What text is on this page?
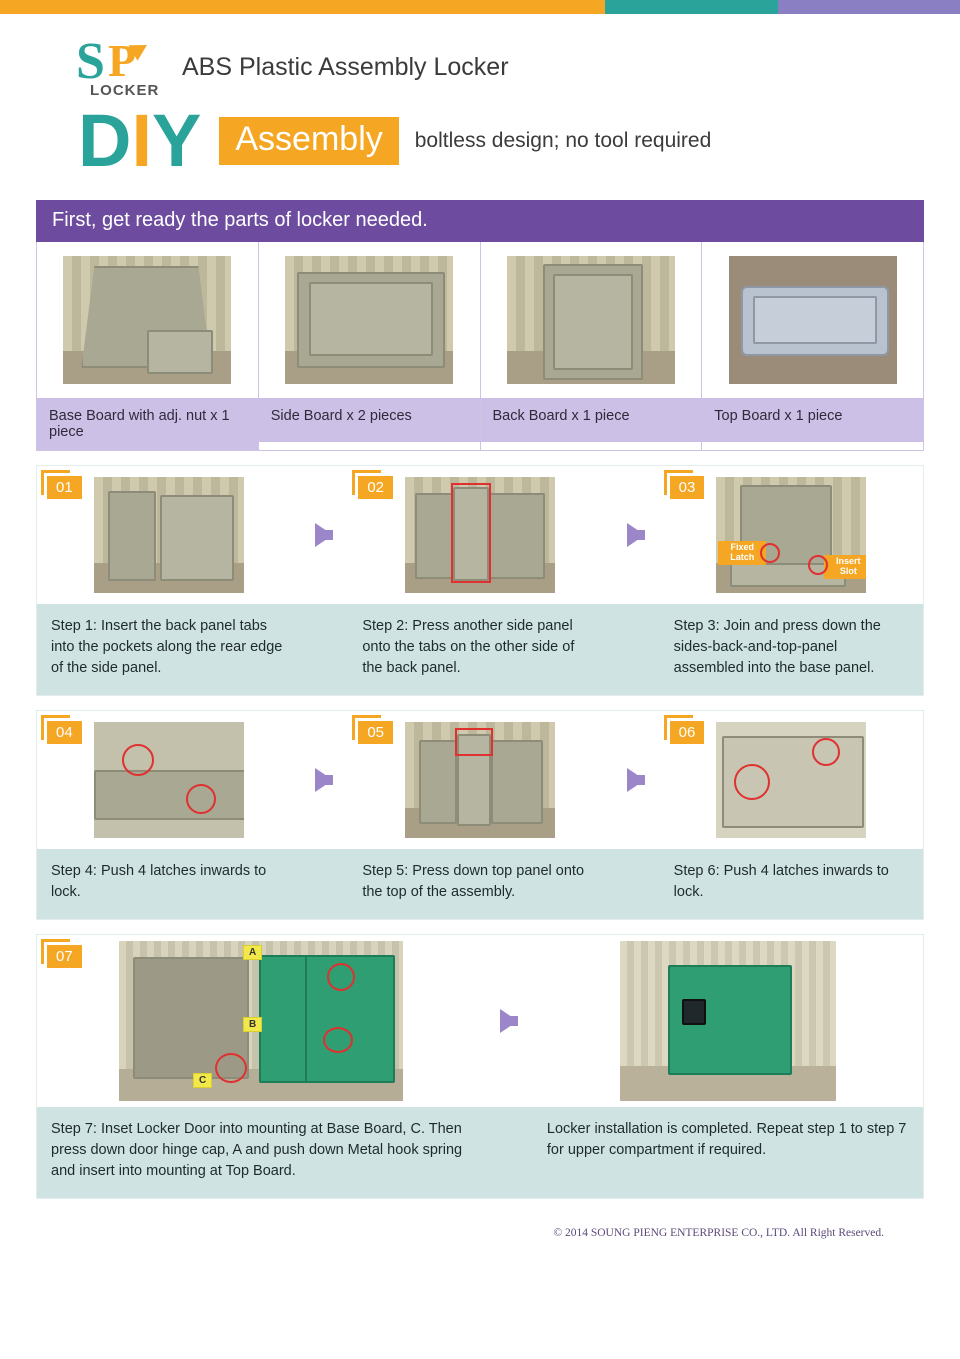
S P
LOCKER
ABS Plastic Assembly Locker
DIY	Assembly	boltless design; no tool required
First, get ready the parts of locker needed.
Base Board with adj. nut x 1 piece
Side Board x 2 pieces	Back Board x 1 piece	Top Board x 1 piece
01
Step 1: Insert the back panel tabs into the pockets along the rear edge of the side panel.
02
Step 2: Press another side panel onto the tabs on the other side of the back panel.
03
Fixed Latch	Insert Slot
Step 3: Join and press down the sides-back-and-top-panel assembled into the base panel.
04
Step 4: Push 4 latches inwards to lock.
05
Step 5: Press down top panel onto the top of the assembly.
06
Step 6: Push 4 latches inwards to lock.
07	A
B
C
Step 7: Inset Locker Door into mounting at Base Board, C. Then press down door hinge cap, A and push down Metal hook spring and insert into mounting at Top Board.
Locker installation is completed. Repeat step 1 to step 7 for upper compartment if required.
© 2014 SOUNG PIENG ENTERPRISE CO., LTD. All Right Reserved.
